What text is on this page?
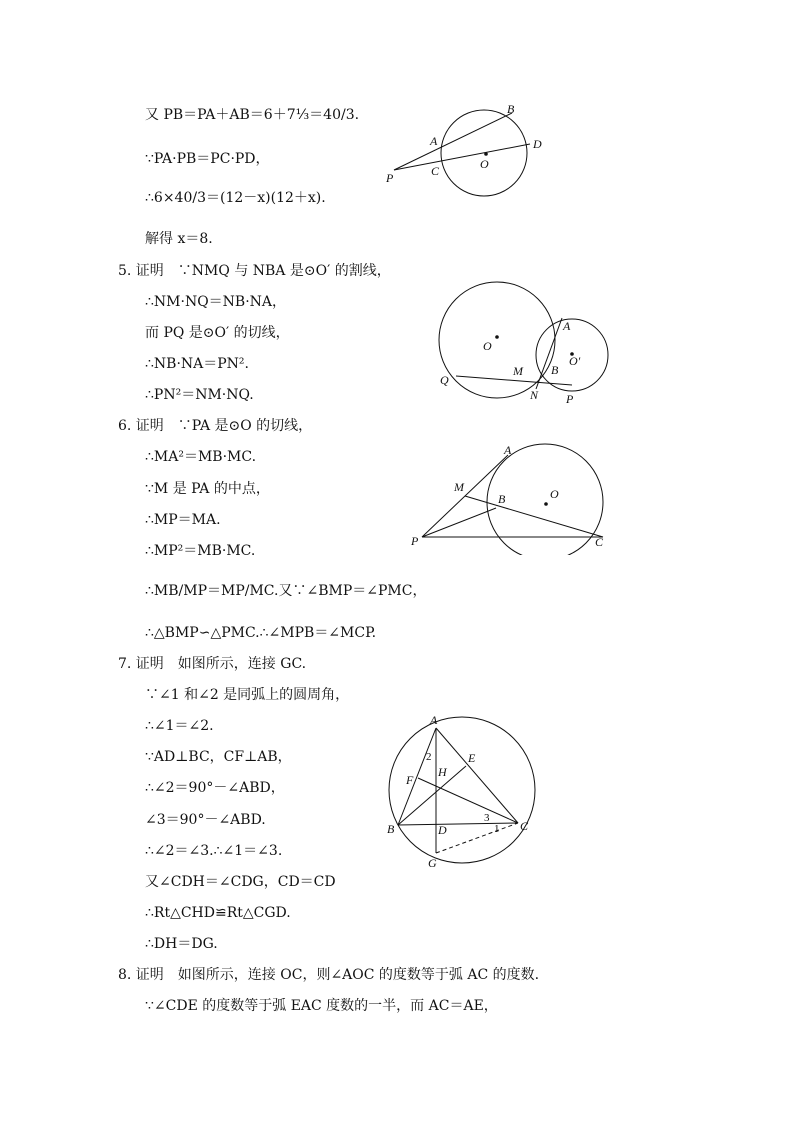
又 PB＝PA＋AB＝6＋7⅓＝40/3.
∵PA·PB＝PC·PD，
∴6×40/3＝(12－x)(12＋x).
解得 x＝8.
5. 证明　∵NMQ 与 NBA 是⊙O′ 的割线，
∴NM·NQ＝NB·NA，
而 PQ 是⊙O′ 的切线，
∴NB·NA＝PN².
∴PN²＝NM·NQ.
6. 证明　∵PA 是⊙O 的切线，
∴MA²＝MB·MC.
∵M 是 PA 的中点，
∴MP＝MA.
∴MP²＝MB·MC.
∴MB/MP＝MP/MC.又∵∠BMP＝∠PMC，
∴△BMP∽△PMC.∴∠MPB＝∠MCP.
7. 证明　如图所示，连接 GC.
∵∠1 和∠2 是同弧上的圆周角，
∴∠1＝∠2.
∵AD⊥BC，CF⊥AB，
∴∠2＝90°－∠ABD，
∠3＝90°－∠ABD.
∴∠2＝∠3.∴∠1＝∠3.
又∠CDH＝∠CDG，CD＝CD
∴Rt△CHD≌Rt△CGD.
∴DH＝DG.
8. 证明　如图所示，连接 OC，则∠AOC 的度数等于弧 AC 的度数.
∵∠CDE 的度数等于弧 EAC 度数的一半，而 AC＝AE，
B
A	D
O
P	C
A
O
O′
M B
Q
N P
A
M
B	O
P	C
A
2	E
H
F
3
1
B	D	C
G
